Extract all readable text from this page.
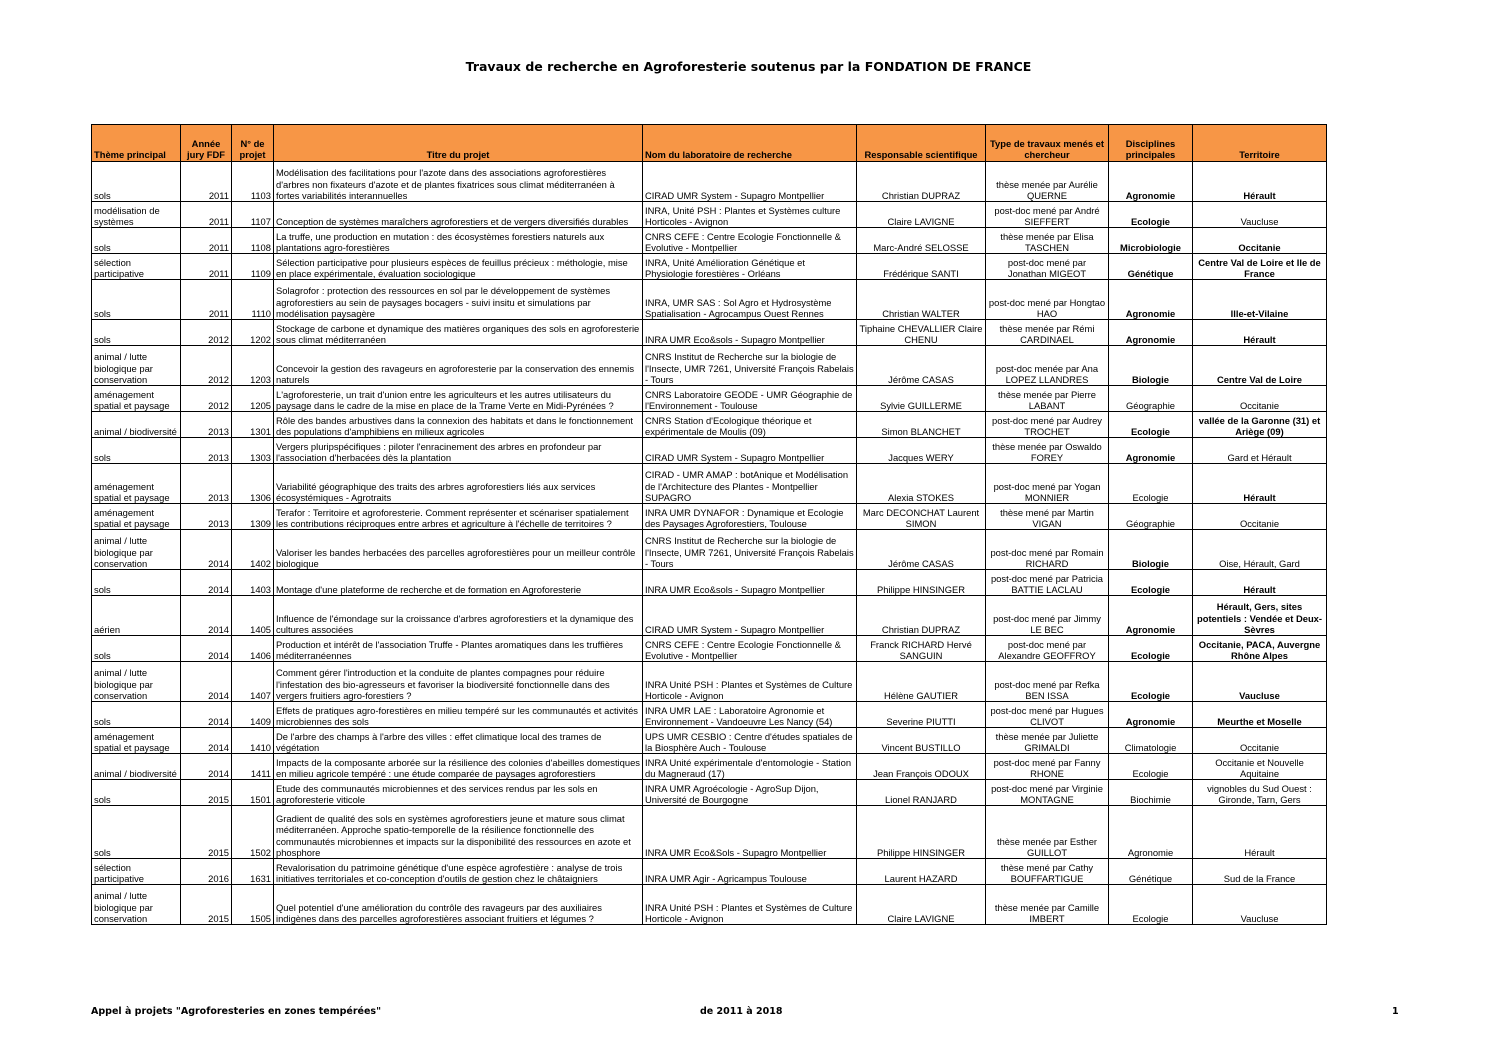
Travaux de recherche en Agroforesterie soutenus par la FONDATION DE FRANCE
Thème principal	Année jury FDF	N° de projet	Titre du projet	Nom du laboratoire de recherche	Responsable scientifique	Type de travaux menés et chercheur	Disciplines principales	Territoire
sols	2011	1103	Modélisation des facilitations pour l'azote dans des associations agroforestières d'arbres non fixateurs d'azote et de plantes fixatrices sous climat méditerranéen à fortes variabilités interannuelles	CIRAD UMR System - Supagro Montpellier	Christian DUPRAZ	thèse menée par Aurélie QUERNE	Agronomie	Hérault
modélisation de systèmes	2011	1107	Conception de systèmes maraîchers agroforestiers et de vergers diversifiés durables	INRA, Unité PSH : Plantes et Systèmes culture Horticoles - Avignon	Claire LAVIGNE	post-doc mené par André SIEFFERT	Ecologie	Vaucluse
sols	2011	1108	La truffe, une production en mutation : des écosystèmes forestiers naturels aux plantations agro-forestières	CNRS CEFE : Centre Ecologie Fonctionnelle & Evolutive - Montpellier	Marc-André SELOSSE	thèse menée par Elisa TASCHEN	Microbiologie	Occitanie
sélection participative	2011	1109	Sélection participative pour plusieurs espèces de feuillus précieux : méthologie, mise en place expérimentale, évaluation sociologique	INRA, Unité Amélioration Génétique et Physiologie forestières - Orléans	Frédérique SANTI	post-doc mené par Jonathan MIGEOT	Génétique	Centre Val de Loire et Ile de France
sols	2011	1110	Solagrofor : protection des ressources en sol par le développement de systèmes agroforestiers au sein de paysages bocagers - suivi insitu et simulations par modélisation paysagère	INRA, UMR SAS : Sol Agro et Hydrosystème Spatialisation - Agrocampus Ouest Rennes	Christian WALTER	post-doc mené par Hongtao HAO	Agronomie	Ille-et-Vilaine
sols	2012	1202	Stockage de carbone et dynamique des matières organiques des sols en agroforesterie sous climat méditerranéen	INRA UMR Eco&sols - Supagro Montpellier	Tiphaine CHEVALLIER Claire CHENU	thèse menée par Rémi CARDINAEL	Agronomie	Hérault
animal / lutte biologique par conservation	2012	1203	Concevoir la gestion des ravageurs en agroforesterie par la conservation des ennemis naturels	CNRS Institut de Recherche sur la biologie de l'Insecte, UMR 7261, Université François Rabelais - Tours	Jérôme CASAS	post-doc menée par Ana LOPEZ LLANDRES	Biologie	Centre Val de Loire
aménagement spatial et paysage	2012	1205	L'agroforesterie, un trait d'union entre les agriculteurs et les autres utilisateurs du paysage dans le cadre de la mise en place de la Trame Verte en Midi-Pyrénées ?	CNRS Laboratoire GEODE - UMR Géographie de l'Environnement - Toulouse	Sylvie GUILLERME	thèse menée par Pierre LABANT	Géographie	Occitanie
animal / biodiversité	2013	1301	Rôle des bandes arbustives dans la connexion des habitats et dans le fonctionnement des populations d'amphibiens en milieux agricoles	CNRS Station d'Ecologique théorique et expérimentale de Moulis (09)	Simon BLANCHET	post-doc mené par Audrey TROCHET	Ecologie	vallée de la Garonne (31) et Ariège (09)
sols	2013	1303	Vergers pluripspécifiques : piloter l'enracinement des arbres en profondeur par l'association d'herbacées dès la plantation	CIRAD UMR System - Supagro Montpellier	Jacques WERY	thèse menée par Oswaldo FOREY	Agronomie	Gard et Hérault
aménagement spatial et paysage	2013	1306	Variabilité géographique des traits des arbres agroforestiers liés aux services écosystémiques - Agrotraits	CIRAD - UMR AMAP : botAnique et Modélisation de l'Architecture des Plantes - Montpellier SUPAGRO	Alexia STOKES	post-doc mené par Yogan MONNIER	Ecologie	Hérault
aménagement spatial et paysage	2013	1309	Terafor : Territoire et agroforesterie. Comment représenter et scénariser spatialement les contributions réciproques entre arbres et agriculture à l'échelle de territoires ?	INRA UMR DYNAFOR : Dynamique et Ecologie des Paysages Agroforestiers, Toulouse	Marc DECONCHAT Laurent SIMON	thèse mené par Martin VIGAN	Géographie	Occitanie
animal / lutte biologique par conservation	2014	1402	Valoriser les bandes herbacées des parcelles agroforestières pour un meilleur contrôle biologique	CNRS Institut de Recherche sur la biologie de l'Insecte, UMR 7261, Université François Rabelais - Tours	Jérôme CASAS	post-doc mené par Romain RICHARD	Biologie	Oise, Hérault, Gard
sols	2014	1403	Montage d'une plateforme de recherche et de formation en Agroforesterie	INRA UMR Eco&sols - Supagro Montpellier	Philippe HINSINGER	post-doc mené par Patricia BATTIE LACLAU	Ecologie	Hérault
aérien	2014	1405	Influence de l'émondage sur la croissance d'arbres agroforestiers et la dynamique des cultures associées	CIRAD UMR System - Supagro Montpellier	Christian DUPRAZ	post-doc mené par Jimmy LE BEC	Agronomie	Hérault, Gers, sites potentiels : Vendée et Deux-Sèvres
sols	2014	1406	Production et intérêt de l'association Truffe - Plantes aromatiques dans les truffières méditerranéennes	CNRS CEFE : Centre Ecologie Fonctionnelle & Evolutive - Montpellier	Franck RICHARD Hervé SANGUIN	post-doc mené par Alexandre GEOFFROY	Ecologie	Occitanie, PACA, Auvergne Rhône Alpes
animal / lutte biologique par conservation	2014	1407	Comment gérer l'introduction et la conduite de plantes compagnes pour réduire l'infestation des bio-agresseurs et favoriser la biodiversité fonctionnelle dans des vergers fruitiers agro-forestiers ?	INRA Unité PSH : Plantes et Systèmes de Culture Horticole - Avignon	Hélène GAUTIER	post-doc mené par Refka BEN ISSA	Ecologie	Vaucluse
sols	2014	1409	Effets de pratiques agro-forestières en milieu tempéré sur les communautés et activités microbiennes des sols	INRA UMR LAE : Laboratoire Agronomie et Environnement - Vandoeuvre Les Nancy (54)	Severine PIUTTI	post-doc mené par Hugues CLIVOT	Agronomie	Meurthe et Moselle
aménagement spatial et paysage	2014	1410	De l'arbre des champs à l'arbre des villes : effet climatique local des trames de végétation	UPS UMR CESBIO : Centre d'études spatiales de la Biosphère Auch - Toulouse	Vincent BUSTILLO	thèse menée par Juliette GRIMALDI	Climatologie	Occitanie
animal / biodiversité	2014	1411	Impacts de la composante arborée sur la résilience des colonies d'abeilles domestiques en milieu agricole tempéré : une étude comparée de paysages agroforestiers	INRA Unité expérimentale d'entomologie - Station du Magneraud (17)	Jean François ODOUX	post-doc mené par Fanny RHONE	Ecologie	Occitanie et Nouvelle Aquitaine
sols	2015	1501	Etude des communautés microbiennes et des services rendus par les sols en agroforesterie viticole	INRA UMR Agroécologie - AgroSup Dijon, Université de Bourgogne	Lionel RANJARD	post-doc mené par Virginie MONTAGNE	Biochimie	vignobles du Sud Ouest : Gironde, Tarn, Gers
sols	2015	1502	Gradient de qualité des sols en systèmes agroforestiers jeune et mature sous climat méditerranéen. Approche spatio-temporelle de la résilience fonctionnelle des communautés microbiennes et impacts sur la disponibilité des ressources en azote et phosphore	INRA UMR Eco&Sols - Supagro Montpellier	Philippe HINSINGER	thèse menée par Esther GUILLOT	Agronomie	Hérault
sélection participative	2016	1631	Revalorisation du patrimoine génétique d'une espèce agrofestière : analyse de trois initiatives territoriales et co-conception d'outils de gestion chez le châtaigniers	INRA UMR Agir - Agricampus Toulouse	Laurent HAZARD	thèse mené par Cathy BOUFFARTIGUE	Génétique	Sud de la France
animal / lutte biologique par conservation	2015	1505	Quel potentiel d'une amélioration du contrôle des ravageurs par des auxiliaires indigènes dans des parcelles agroforestières associant fruitiers et légumes ?	INRA Unité PSH : Plantes et Systèmes de Culture Horticole - Avignon	Claire LAVIGNE	thèse menée par Camille IMBERT	Ecologie	Vaucluse
Appel à projets "Agroforesteries en zones tempérées"	de 2011 à 2018	1
